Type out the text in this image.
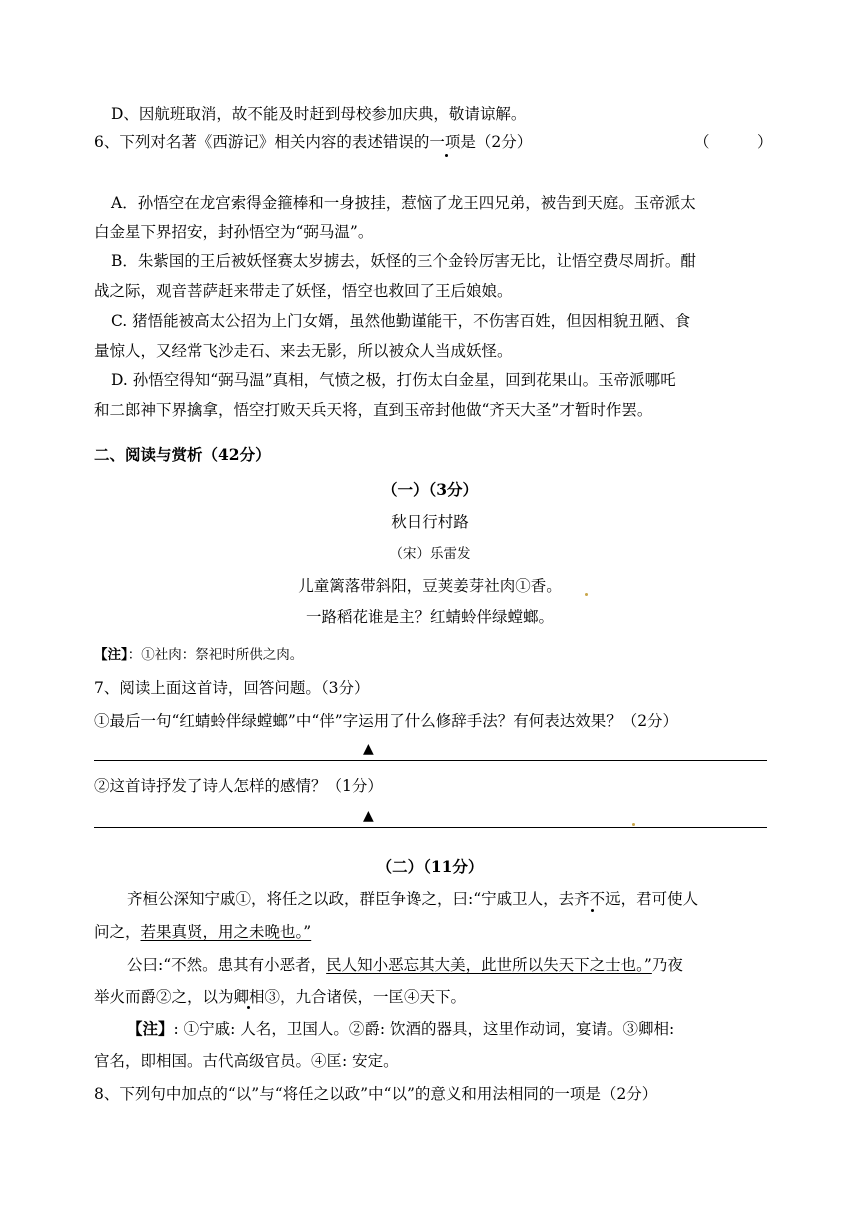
D、因航班取消，故不能及时赶到母校参加庆典，敬请谅解。
6、下列对名著《西游记》相关内容的表述错误的一项是（2分）	（	）
A．孙悟空在龙宫索得金箍棒和一身披挂，惹恼了龙王四兄弟，被告到天庭。玉帝派太
白金星下界招安，封孙悟空为“弼马温”。
B．朱紫国的王后被妖怪赛太岁掳去，妖怪的三个金铃厉害无比，让悟空费尽周折。酣
战之际，观音菩萨赶来带走了妖怪，悟空也救回了王后娘娘。
C. 猪悟能被高太公招为上门女婿，虽然他勤谨能干，不伤害百姓，但因相貌丑陋、食
量惊人，又经常飞沙走石、来去无影，所以被众人当成妖怪。
D. 孙悟空得知“弼马温”真相，气愤之极，打伤太白金星，回到花果山。玉帝派哪吒
和二郎神下界擒拿，悟空打败天兵天将，直到玉帝封他做“齐天大圣”才暂时作罢。
二、阅读与赏析（42分）
（一）（3分）
秋日行村路
（宋）乐雷发
儿童篱落带斜阳，豆荚姜芽社肉①香。
一路稻花谁是主？红蜻蛉伴绿螳螂。
【注】：①社肉：祭祀时所供之肉。
7、阅读上面这首诗，回答问题。（3分）
①最后一句“红蜻蛉伴绿螳螂”中“伴”字运用了什么修辞手法？有何表达效果？（2分）
▲
②这首诗抒发了诗人怎样的感情？（1分）
▲
（二）（11分）
齐桓公深知宁戚①，将任之以政，群臣争谗之，曰:“宁戚卫人，去齐不远，君可使人
问之，若果真贤，用之未晚也。”
公曰:“不然。患其有小恶者，民人知小恶忘其大美，此世所以失天下之士也。”乃夜
举火而爵②之，以为卿相③，九合诸侯，一匡④天下。
【注】: ①宁戚: 人名，卫国人。②爵: 饮酒的器具，这里作动词，宴请。③卿相:
官名，即相国。古代高级官员。④匡: 安定。
8、下列句中加点的“以”与“将任之以政”中“以”的意义和用法相同的一项是（2分）
